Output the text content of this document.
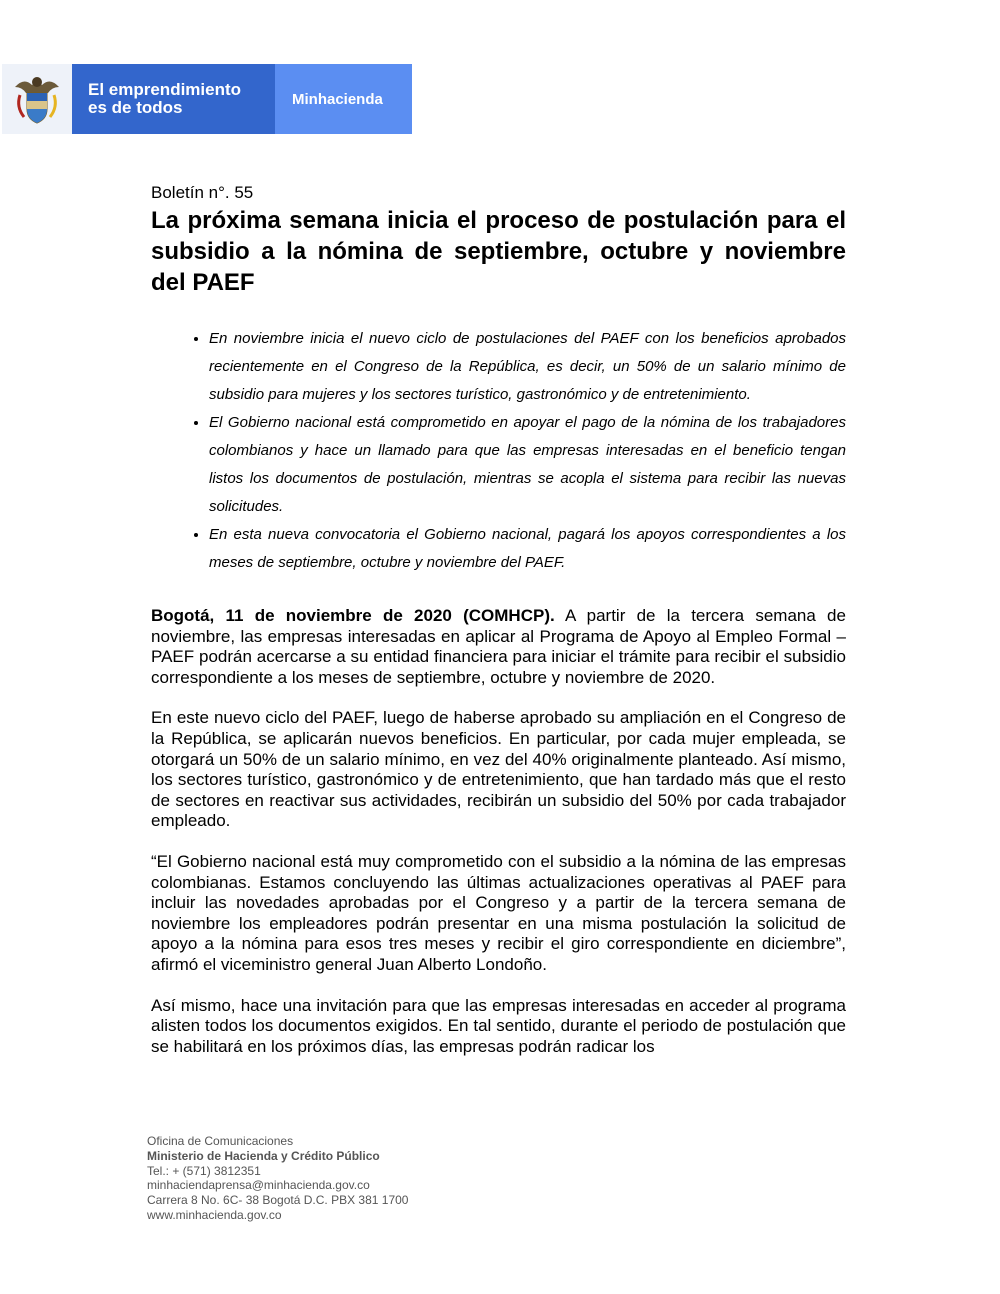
El emprendimiento
es de todos	Minhacienda

Boletín n°. 55

La próxima semana inicia el proceso de postulación para el subsidio a la nómina de septiembre, octubre y noviembre del PAEF
• En noviembre inicia el nuevo ciclo de postulaciones del PAEF con los beneficios aprobados recientemente en el Congreso de la República, es decir, un 50% de un salario mínimo de subsidio para mujeres y los sectores turístico, gastronómico y de entretenimiento.
• El Gobierno nacional está comprometido en apoyar el pago de la nómina de los trabajadores colombianos y hace un llamado para que las empresas interesadas en el beneficio tengan listos los documentos de postulación, mientras se acopla el sistema para recibir las nuevas solicitudes.
• En esta nueva convocatoria el Gobierno nacional, pagará los apoyos correspondientes a los meses de septiembre, octubre y noviembre del PAEF.

Bogotá, 11 de noviembre de 2020 (COMHCP). A partir de la tercera semana de noviembre, las empresas interesadas en aplicar al Programa de Apoyo al Empleo Formal – PAEF podrán acercarse a su entidad financiera para iniciar el trámite para recibir el subsidio correspondiente a los meses de septiembre, octubre y noviembre de 2020.

En este nuevo ciclo del PAEF, luego de haberse aprobado su ampliación en el Congreso de la República, se aplicarán nuevos beneficios. En particular, por cada mujer empleada, se otorgará un 50% de un salario mínimo, en vez del 40% originalmente planteado. Así mismo, los sectores turístico, gastronómico y de entretenimiento, que han tardado más que el resto de sectores en reactivar sus actividades, recibirán un subsidio del 50% por cada trabajador empleado.

“El Gobierno nacional está muy comprometido con el subsidio a la nómina de las empresas colombianas. Estamos concluyendo las últimas actualizaciones operativas al PAEF para incluir las novedades aprobadas por el Congreso y a partir de la tercera semana de noviembre los empleadores podrán presentar en una misma postulación la solicitud de apoyo a la nómina para esos tres meses y recibir el giro correspondiente en diciembre”, afirmó el viceministro general Juan Alberto Londoño.

Así mismo, hace una invitación para que las empresas interesadas en acceder al programa alisten todos los documentos exigidos. En tal sentido, durante el periodo de postulación que se habilitará en los próximos días, las empresas podrán radicar los

Oficina de Comunicaciones
Ministerio de Hacienda y Crédito Público
Tel.: + (571) 3812351
minhaciendaprensa@minhacienda.gov.co
Carrera 8 No. 6C- 38 Bogotá D.C. PBX 381 1700
www.minhacienda.gov.co
